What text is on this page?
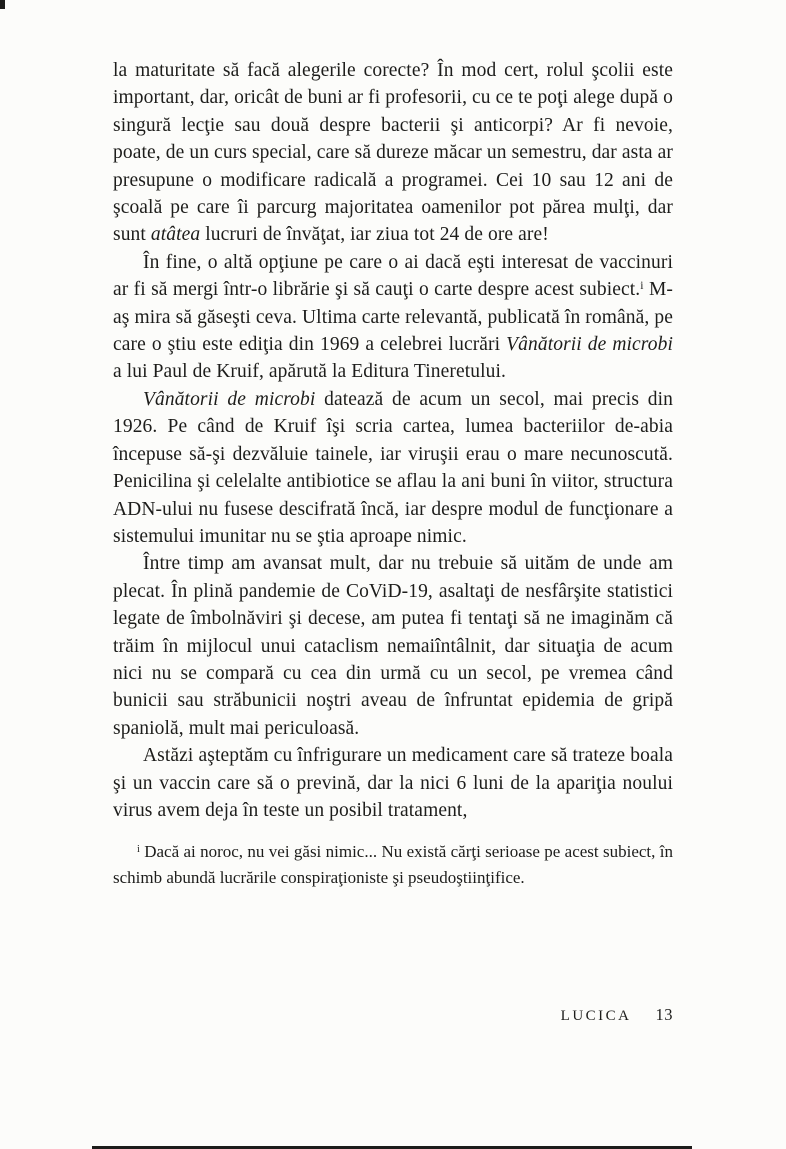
la maturitate să facă alegerile corecte? În mod cert, rolul şcolii este important, dar, oricât de buni ar fi profesorii, cu ce te poţi alege după o singură lecţie sau două despre bacterii şi anticorpi? Ar fi nevoie, poate, de un curs special, care să dureze măcar un semestru, dar asta ar presupune o modificare radicală a programei. Cei 10 sau 12 ani de şcoală pe care îi parcurg majoritatea oamenilor pot părea mulţi, dar sunt atâtea lucruri de învăţat, iar ziua tot 24 de ore are!

În fine, o altă opţiune pe care o ai dacă eşti interesat de vaccinuri ar fi să mergi într-o librărie şi să cauţi o carte despre acest subiect.$^i$ M-aş mira să găseşti ceva. Ultima carte relevantă, publicată în română, pe care o ştiu este ediţia din 1969 a celebrei lucrări Vânătorii de microbi a lui Paul de Kruif, apărută la Editura Tineretului.

Vânătorii de microbi datează de acum un secol, mai precis din 1926. Pe când de Kruif îşi scria cartea, lumea bacteriilor de-abia începuse să-şi dezvăluie tainele, iar viruşii erau o mare necunoscută. Penicilina şi celelalte antibiotice se aflau la ani buni în viitor, structura ADN-ului nu fusese descifrată încă, iar despre modul de funcţionare a sistemului imunitar nu se ştia aproape nimic.

Între timp am avansat mult, dar nu trebuie să uităm de unde am plecat. În plină pandemie de CoViD-19, asaltaţi de nesfârşite statistici legate de îmbolnăviri şi decese, am putea fi tentaţi să ne imaginăm că trăim în mijlocul unui cataclism nemaiîntâlnit, dar situaţia de acum nici nu se compară cu cea din urmă cu un secol, pe vremea când bunicii sau străbunicii noştri aveau de înfruntat epidemia de gripă spaniolă, mult mai periculoasă.

Astăzi aşteptăm cu înfrigurare un medicament care să trateze boala şi un vaccin care să o prevină, dar la nici 6 luni de la apariţia noului virus avem deja în teste un posibil tratament,

$^i$ Dacă ai noroc, nu vei găsi nimic... Nu există cărţi serioase pe acest subiect, în schimb abundă lucrările conspiraţioniste şi pseudoştiinţifice.

LUCICA 13
